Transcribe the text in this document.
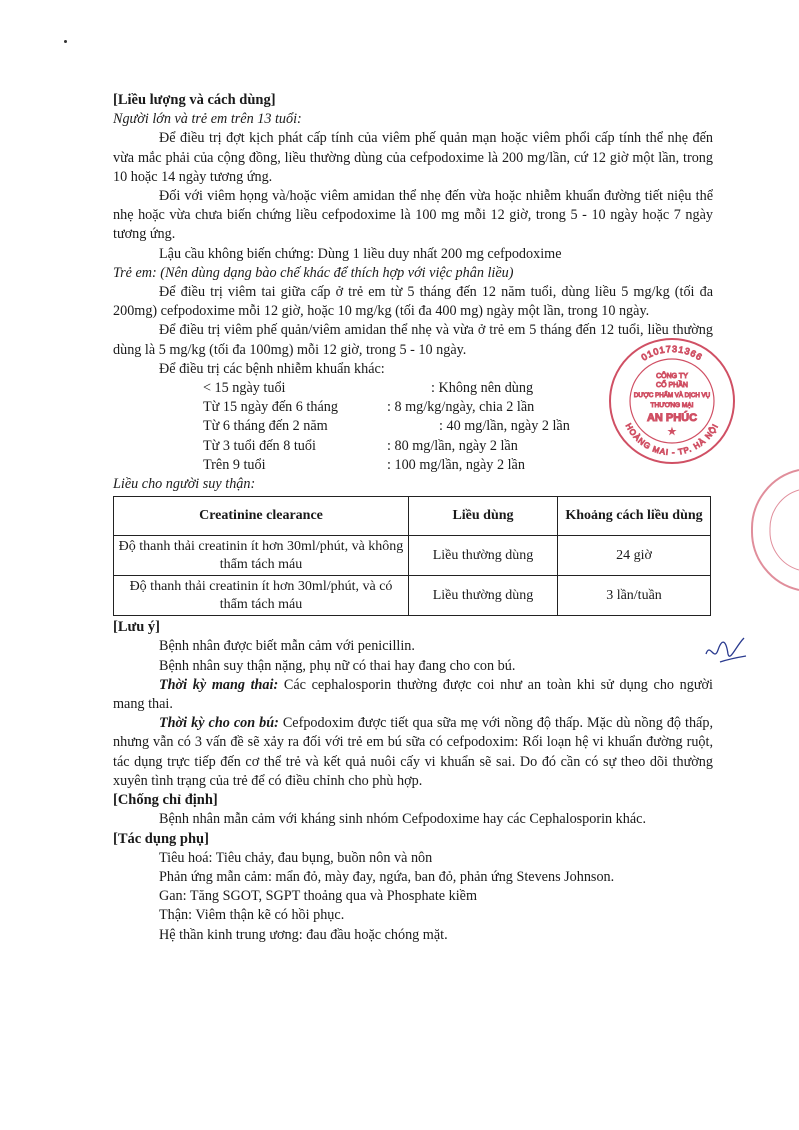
[Liều lượng và cách dùng]

Người lớn và trẻ em trên 13 tuổi:

Để điều trị đợt kịch phát cấp tính của viêm phế quản mạn hoặc viêm phổi cấp tính thể nhẹ đến vừa mắc phải của cộng đồng, liều thường dùng của cefpodoxime là 200 mg/lần, cứ 12 giờ một lần, trong 10 hoặc 14 ngày tương ứng.

Đối với viêm họng và/hoặc viêm amidan thể nhẹ đến vừa hoặc nhiễm khuẩn đường tiết niệu thể nhẹ hoặc vừa chưa biến chứng liều cefpodoxime là 100 mg mỗi 12 giờ, trong 5 - 10 ngày hoặc 7 ngày tương ứng.

Lậu cầu không biến chứng: Dùng 1 liều duy nhất 200 mg cefpodoxime

Trẻ em: (Nên dùng dạng bào chế khác để thích hợp với việc phân liều)

Để điều trị viêm tai giữa cấp ở trẻ em từ 5 tháng đến 12 năm tuổi, dùng liều 5 mg/kg (tối đa 200mg) cefpodoxime mỗi 12 giờ, hoặc 10 mg/kg (tối đa 400 mg) ngày một lần, trong 10 ngày.

Để điều trị viêm phế quản/viêm amidan thể nhẹ và vừa ở trẻ em 5 tháng đến 12 tuổi, liều thường dùng là 5 mg/kg (tối đa 100mg) mỗi 12 giờ, trong 5 - 10 ngày.

Để điều trị các bệnh nhiễm khuẩn khác:

< 15 ngày tuổi	: Không nên dùng
Từ 15 ngày đến 6 tháng	: 8 mg/kg/ngày, chia 2 lần
Từ 6 tháng đến 2 năm	: 40 mg/lần, ngày 2 lần
Từ 3 tuổi đến 8 tuổi	: 80 mg/lần, ngày 2 lần
Trên 9 tuổi	: 100 mg/lần, ngày 2 lần

Liều cho người suy thận:

Creatinine clearance	Liều dùng	Khoảng cách liều dùng
Độ thanh thải creatinin ít hơn 30ml/phút, và không thẩm tách máu	Liều thường dùng	24 giờ
Độ thanh thải creatinin ít hơn 30ml/phút, và có thẩm tách máu	Liều thường dùng	3 lần/tuần

[Lưu ý]

Bệnh nhân được biết mẫn cảm với penicillin.

Bệnh nhân suy thận nặng, phụ nữ có thai hay đang cho con bú.

Thời kỳ mang thai: Các cephalosporin thường được coi như an toàn khi sử dụng cho người mang thai.

Thời kỳ cho con bú: Cefpodoxim được tiết qua sữa mẹ với nồng độ thấp. Mặc dù nồng độ thấp, nhưng vẫn có 3 vấn đề sẽ xảy ra đối với trẻ em bú sữa có cefpodoxim: Rối loạn hệ vi khuẩn đường ruột, tác dụng trực tiếp đến cơ thể trẻ và kết quả nuôi cấy vi khuẩn sẽ sai. Do đó cần có sự theo dõi thường xuyên tình trạng của trẻ để có điều chỉnh cho phù hợp.

[Chống chỉ định]

Bệnh nhân mẫn cảm với kháng sinh nhóm Cefpodoxime hay các Cephalosporin khác.

[Tác dụng phụ]

Tiêu hoá: Tiêu chảy, đau bụng, buồn nôn và nôn

Phản ứng mẫn cảm: mẩn đỏ, mày đay, ngứa, ban đỏ, phản ứng Stevens Johnson.

Gan: Tăng SGOT, SGPT thoảng qua và Phosphate kiềm

Thận: Viêm thận kẽ có hồi phục.

Hệ thần kinh trung ương: đau đầu hoặc chóng mặt.

0101731366
HOÀNG MAI - TP. HÀ NỘI
CÔNG TY
CỔ PHẦN
DƯỢC PHẨM VÀ DỊCH VỤ
THƯƠNG MẠI
AN PHÚC
★
